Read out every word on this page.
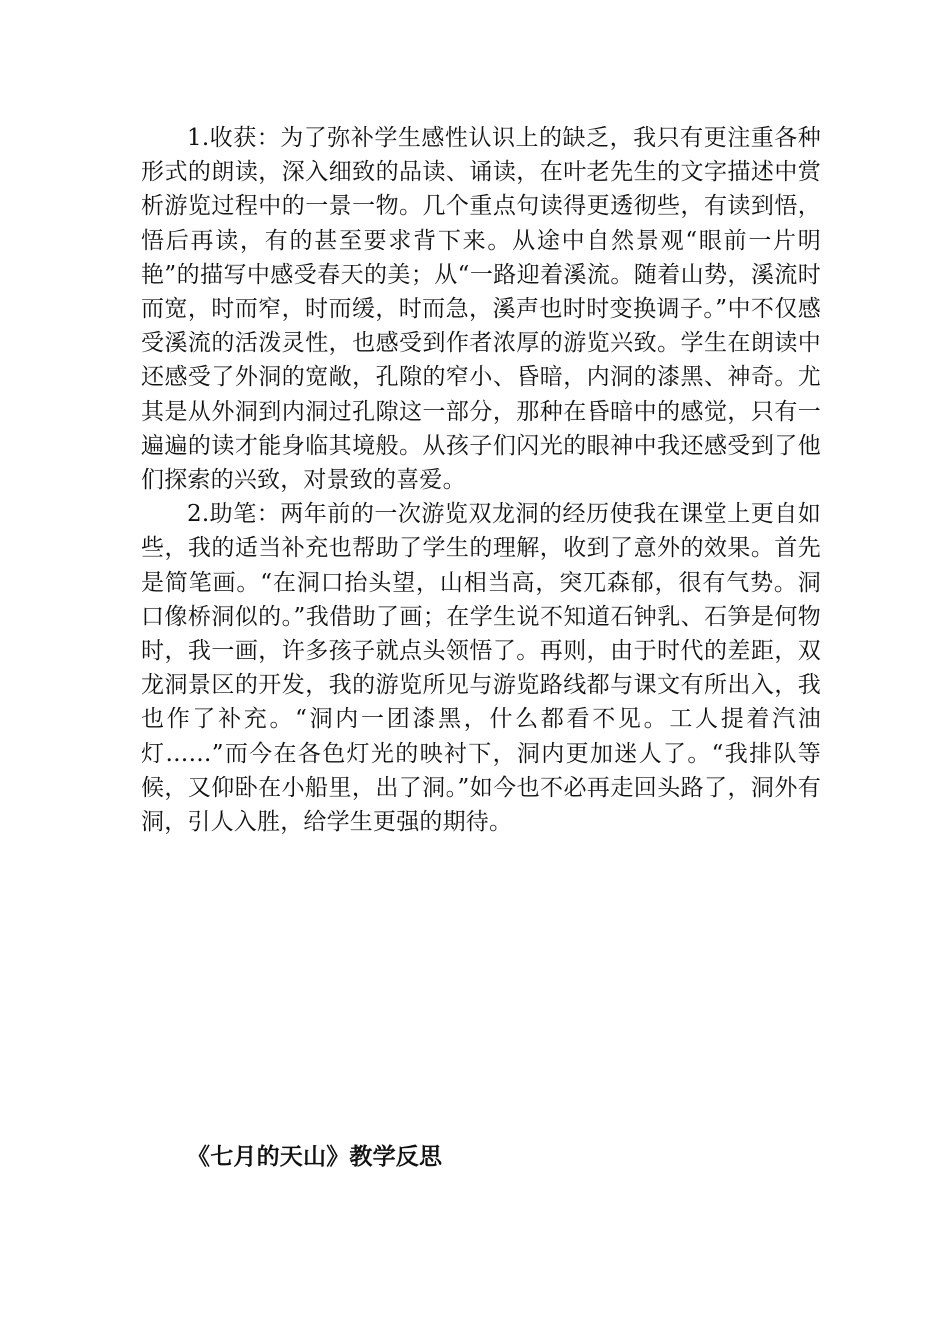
1.收获：为了弥补学生感性认识上的缺乏，我只有更注重各种形式的朗读，深入细致的品读、诵读，在叶老先生的文字描述中赏析游览过程中的一景一物。几个重点句读得更透彻些，有读到悟，悟后再读，有的甚至要求背下来。从途中自然景观“眼前一片明艳”的描写中感受春天的美；从“一路迎着溪流。随着山势，溪流时而宽，时而窄，时而缓，时而急，溪声也时时变换调子。”中不仅感受溪流的活泼灵性，也感受到作者浓厚的游览兴致。学生在朗读中还感受了外洞的宽敞，孔隙的窄小、昏暗，内洞的漆黑、神奇。尤其是从外洞到内洞过孔隙这一部分，那种在昏暗中的感觉，只有一遍遍的读才能身临其境般。从孩子们闪光的眼神中我还感受到了他们探索的兴致，对景致的喜爱。

2.助笔：两年前的一次游览双龙洞的经历使我在课堂上更自如些，我的适当补充也帮助了学生的理解，收到了意外的效果。首先是简笔画。“在洞口抬头望，山相当高，突兀森郁，很有气势。洞口像桥洞似的。”我借助了画；在学生说不知道石钟乳、石笋是何物时，我一画，许多孩子就点头领悟了。再则，由于时代的差距，双龙洞景区的开发，我的游览所见与游览路线都与课文有所出入，我也作了补充。“洞内一团漆黑，什么都看不见。工人提着汽油灯……”而今在各色灯光的映衬下，洞内更加迷人了。“我排队等候，又仰卧在小船里，出了洞。”如今也不必再走回头路了，洞外有洞，引人入胜，给学生更强的期待。

《七月的天山》教学反思
